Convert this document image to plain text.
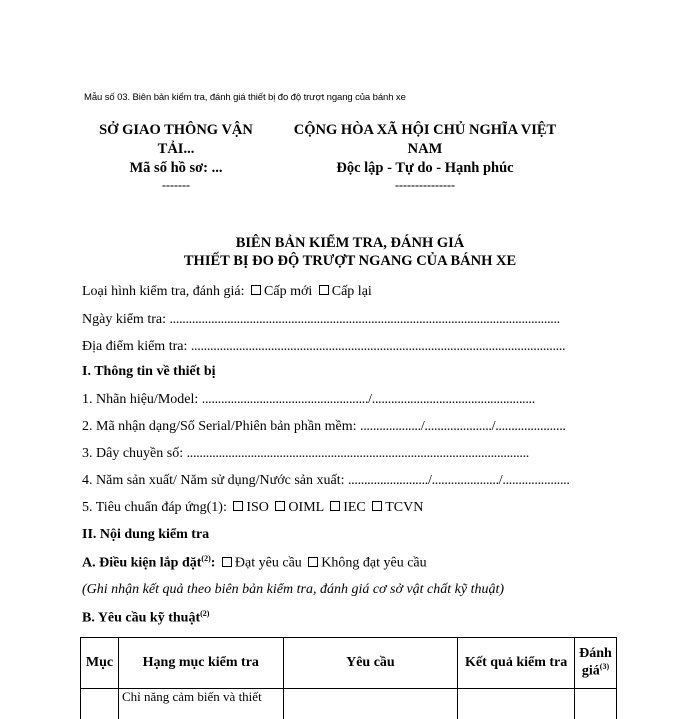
Mẫu số 03. Biên bản kiểm tra, đánh giá thiết bị đo độ trượt ngang của bánh xe
SỞ GIAO THÔNG VẬN
TẢI...
Mã số hồ sơ: ...
-------
CỘNG HÒA XÃ HỘI CHỦ NGHĨA VIỆT
NAM
Độc lập - Tự do - Hạnh phúc
---------------
BIÊN BẢN KIỂM TRA, ĐÁNH GIÁ
THIẾT BỊ ĐO ĐỘ TRƯỢT NGANG CỦA BÁNH XE
Loại hình kiểm tra, đánh giá: Cấp mới Cấp lại
Ngày kiểm tra: ..........................................................................................................................
Địa điểm kiểm tra: .....................................................................................................................
I. Thông tin về thiết bị
1. Nhãn hiệu/Model: ..................................................../...................................................
2. Mã nhận dạng/Số Serial/Phiên bản phần mềm: .................../...................../......................
3. Dây chuyền số: ...........................................................................................................
4. Năm sản xuất/ Năm sử dụng/Nước sản xuất: ........................./...................../.....................
5. Tiêu chuẩn đáp ứng(1): ISO OIML IEC TCVN
II. Nội dung kiểm tra
A. Điều kiện lắp đặt$^{(2)}$: Đạt yêu cầu Không đạt yêu cầu
(Ghi nhận kết quả theo biên bản kiểm tra, đánh giá cơ sở vật chất kỹ thuật)
B. Yêu cầu kỹ thuật$^{(2)}$
Mục	Hạng mục kiểm tra	Yêu cầu	Kết quả kiểm tra	Đánh giá$^{(3)}$
	Chỉ năng cảm biến và thiết			
